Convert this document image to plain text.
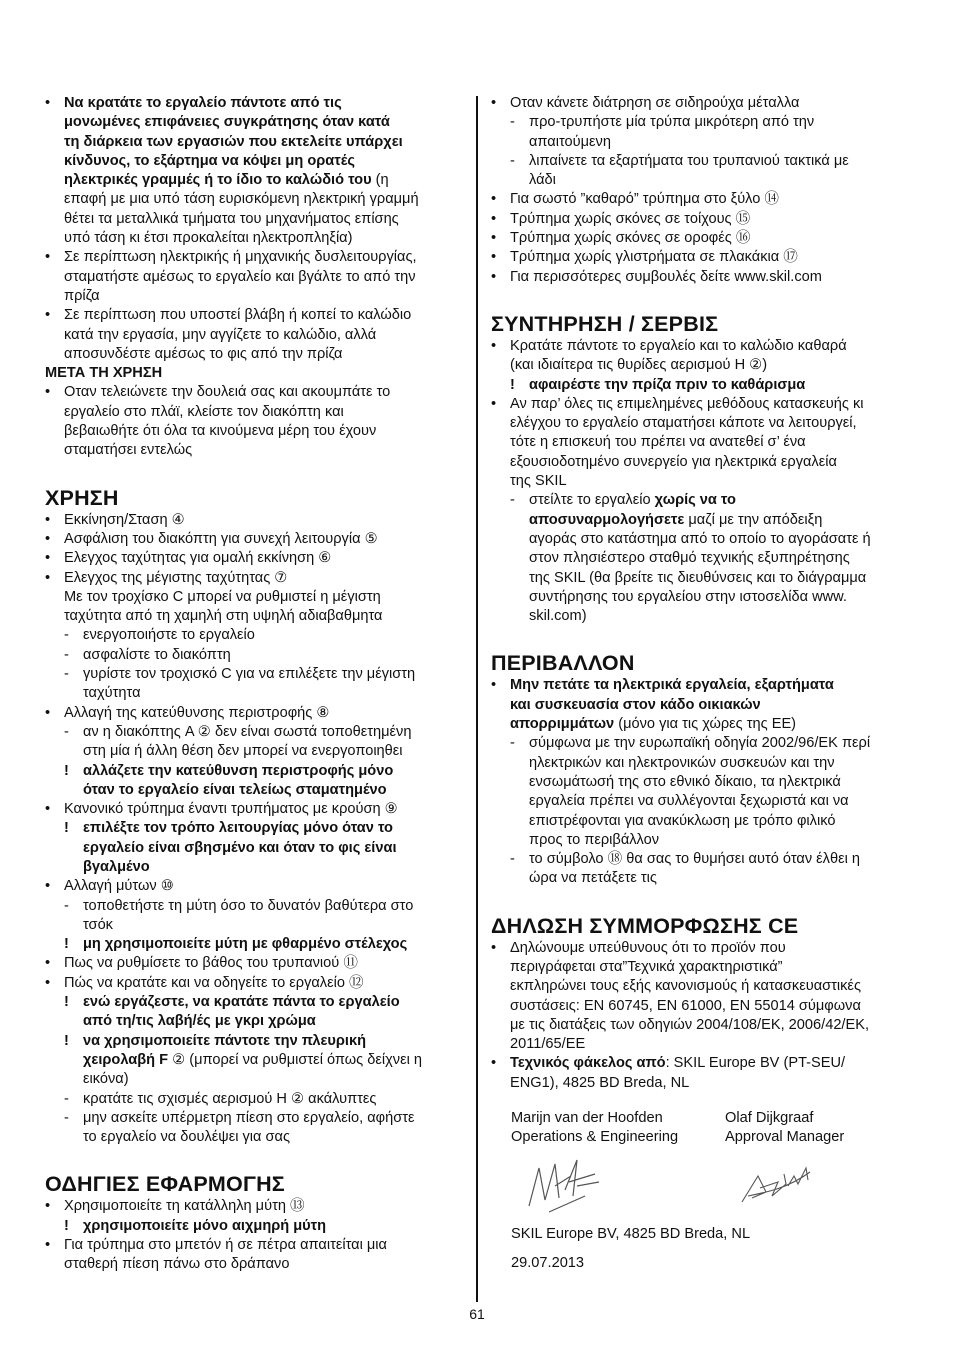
• Να κρατάτε το εργαλείο πάντοτε από τις
μονωμένες επιφάνειες συγκράτησης όταν κατά
τη διάρκεια των εργασιών που εκτελείτε υπάρχει
κίνδυνος, το εξάρτημα να κόψει μη ορατές
ηλεκτρικές γραμμές ή το ίδιο το καλώδιό του (η
επαφή με μια υπό τάση ευρισκόμενη ηλεκτρική γραμμή
θέτει τα μεταλλικά τμήματα του μηχανήματος επίσης
υπό τάση κι έτσι προκαλείται ηλεκτροπληξία)
• Σε περίπτωση ηλεκτρικής ή μηχανικής δυσλειτουργίας,
σταματήστε αμέσως το εργαλείο και βγάλτε το από την
πρίζα
• Σε περίπτωση που υποστεί βλάβη ή κοπεί το καλώδιο
κατά την εργασία, μην αγγίζετε το καλώδιο, αλλά
αποσυνδέστε αμέσως το φις από την πρίζα
ΜΕΤΑ ΤΗ ΧΡΗΣΗ
• Οταν τελειώνετε την δουλειά σας και ακουμπάτε το
εργαλείο στο πλάϊ, κλείστε τον διακόπτη και
βεβαιωθήτε ότι όλα τα κινούμενα μέρη του έχουν
σταματήσει εντελώς
ΧΡΗΣΗ
• Εκκίνηση/Σταση ④
• Ασφάλιση του διακόπτη για συνεχή λειτουργία ⑤
• Ελεγχος ταχύτητας για ομαλή εκκίνηση ⑥
• Ελεγχος της μέγιστης ταχύτητας ⑦
Με τον τροχίσκο C μπορεί να ρυθμιστεί η μέγιστη
ταχύτητα από τη χαμηλή στη υψηλή αδιαβαθμητα
- ενεργοποιήστε το εργαλείο
- ασφαλίστε το διακόπτη
- γυρίστε τον τροχισκό C για να επιλέξετε την μέγιστη
ταχύτητα
• Αλλαγή της κατεύθυνσης περιστροφής ⑧
- αν η διακόπτης A ② δεν είναι σωστά τοποθετημένη
στη μία ή άλλη θέση δεν μπορεί να ενεργοποιηθει
! αλλάζετε την κατεύθυνση περιστροφής μόνο
όταν το εργαλείο είναι τελείως σταματημένο
• Κανονικό τρύπημα έναντι τρυπήματος με κρούση ⑨
! επιλέξτε τον τρόπο λειτουργίας μόνο όταν το
εργαλείο είναι σβησμένο και όταν το φις είναι
βγαλμένο
• Αλλαγή μύτων ⑩
- τοποθετήστε τη μύτη όσο το δυνατόν βαθύτερα στο
τσόκ
! μη χρησιμοποιείτε μύτη με φθαρμένο στέλεχος
• Πως να ρυθμίσετε το βάθος του τρυπανιού ⑪
• Πώς να κρατάτε και να οδηγείτε το εργαλείο ⑫
! ενώ εργάζεστε, να κρατάτε πάντα το εργαλείο
από τη/τις λαβή/ές με γκρι χρώμα
! να χρησιμοποιείτε πάντοτε την πλευρική
χειρολαβή F ② (μπορεί να ρυθμιστεί όπως δείχνει η
εικόνα)
- κρατάτε τις σχισμές αερισμού H ② ακάλυπτες
- μην ασκείτε υπέρμετρη πίεση στο εργαλείο, αφήστε
το εργαλείο να δουλέψει για σας
ΟΔΗΓΙΕΣ ΕΦΑΡΜΟΓΗΣ
• Χρησιμοποιείτε τη κατάλληλη μύτη ⑬
! χρησιμοποιείτε μόνο αιχμηρή μύτη
• Για τρύπημα στο μπετόν ή σε πέτρα απαιτείται μια
σταθερή πίεση πάνω στο δράπανο
• Οταν κάνετε διάτρηση σε σιδηρούχα μέταλλα
- προ-τρυπήστε μία τρύπα μικρότερη από την
απαιτούμενη
- λιπαίνετε τα εξαρτήματα του τρυπανιού τακτικά με
λάδι
• Για σωστό ”καθαρό” τρύπημα στο ξύλο ⑭
• Τρύπημα χωρίς σκόνες σε τοίχους ⑮
• Τρύπημα χωρίς σκόνες σε οροφές ⑯
• Τρύπημα χωρίς γλιστρήματα σε πλακάκια ⑰
• Για περισσότερες συμβουλές δείτε www.skil.com
ΣΥΝΤΗΡΗΣΗ / ΣΕΡΒΙΣ
• Κρατάτε πάντοτε το εργαλείο και το καλώδιο καθαρά
(και ιδιαίτερα τις θυρίδες αερισμού H ②)
! αφαιρέστε την πρίζα πριν το καθάρισμα
• Αν παρ’ όλες τις επιμελημένες μεθόδους κατασκευής κι
ελέγχου το εργαλείο σταματήσει κάποτε να λειτουργεί,
τότε η επισκευή του πρέπει να ανατεθεί σ’ ένα
εξουσιοδοτημένο συνεργείο για ηλεκτρικά εργαλεία
της SKIL
- στείλτε το εργαλείο χωρίς να το
αποσυναρμολογήσετε μαζί με την απόδειξη
αγοράς στο κατάστημα από το οποίο το αγοράσατε ή
στον πλησιέστερο σταθμό τεχνικής εξυπηρέτησης
της SKIL (θα βρείτε τις διευθύνσεις και το διάγραμμα
συντήρησης του εργαλείου στην ιστοσελίδα www.
skil.com)
ΠΕΡΙΒΑΛΛΟΝ
• Μην πετάτε τα ηλεκτρικά εργαλεία, εξαρτήματα
και συσκευασία στον κάδο οικιακών
απορριμμάτων (μόνο για τις χώρες της ΕΕ)
- σύμφωνα με την ευρωπαϊκή οδηγία 2002/96/ΕΚ περί
ηλεκτρικών και ηλεκτρονικών συσκευών και την
ενσωμάτωσή της στο εθνικό δίκαιο, τα ηλεκτρικά
εργαλεία πρέπει να συλλέγονται ξεχωριστά και να
επιστρέφονται για ανακύκλωση με τρόπο φιλικό
προς το περιβάλλον
- το σύμβολο ⑱ θα σας το θυμήσει αυτό όταν έλθει η
ώρα να πετάξετε τις
ΔΗΛΩΣΗ ΣΥΜΜΟΡΦΩΣΗΣ CE
• Δηλώνουμε υπεύθυνους ότι το προϊόν που
περιγράφεται στα”Τεχνικά χαρακτηριστικά”
εκπληρώνει τους εξής κανονισμούς ή κατασκευαστικές
συστάσεις: EN 60745, EN 61000, EN 55014 σύμφωνα
με τις διατάξεις των οδηγιών 2004/108/ΕΚ, 2006/42/ΕΚ,
2011/65/ΕΕ
• Τεχνικός φάκελος από: SKIL Europe BV (PT-SEU/
ENG1), 4825 BD Breda, NL
Marijn van der Hoofden
Operations & Engineering
Olaf Dijkgraaf
Approval Manager
SKIL Europe BV, 4825 BD Breda, NL
29.07.2013
61
